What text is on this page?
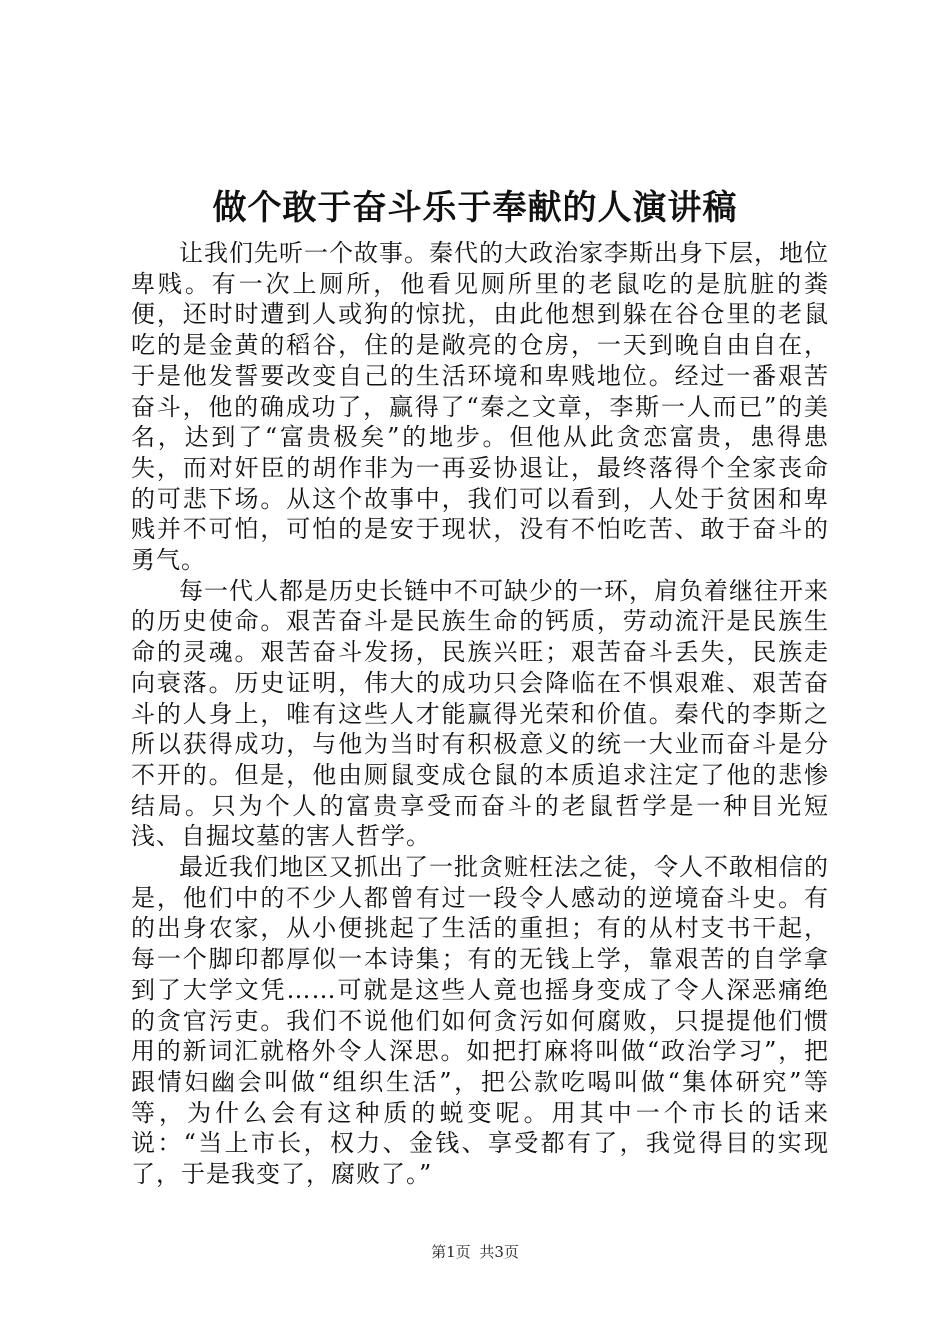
做个敢于奋斗乐于奉献的人演讲稿

让我们先听一个故事。秦代的大政治家李斯出身下层，地位卑贱。有一次上厕所，他看见厕所里的老鼠吃的是肮脏的粪便，还时时遭到人或狗的惊扰，由此他想到躲在谷仓里的老鼠吃的是金黄的稻谷，住的是敞亮的仓房，一天到晚自由自在，于是他发誓要改变自己的生活环境和卑贱地位。经过一番艰苦奋斗，他的确成功了，赢得了“秦之文章，李斯一人而已”的美名，达到了“富贵极矣”的地步。但他从此贪恋富贵，患得患失，而对奸臣的胡作非为一再妥协退让，最终落得个全家丧命的可悲下场。从这个故事中，我们可以看到，人处于贫困和卑贱并不可怕，可怕的是安于现状，没有不怕吃苦、敢于奋斗的勇气。

每一代人都是历史长链中不可缺少的一环，肩负着继往开来的历史使命。艰苦奋斗是民族生命的钙质，劳动流汗是民族生命的灵魂。艰苦奋斗发扬，民族兴旺；艰苦奋斗丢失，民族走向衰落。历史证明，伟大的成功只会降临在不惧艰难、艰苦奋斗的人身上，唯有这些人才能赢得光荣和价值。秦代的李斯之所以获得成功，与他为当时有积极意义的统一大业而奋斗是分不开的。但是，他由厕鼠变成仓鼠的本质追求注定了他的悲惨结局。只为个人的富贵享受而奋斗的老鼠哲学是一种目光短浅、自掘坟墓的害人哲学。

最近我们地区又抓出了一批贪赃枉法之徒，令人不敢相信的是，他们中的不少人都曾有过一段令人感动的逆境奋斗史。有的出身农家，从小便挑起了生活的重担；有的从村支书干起，每一个脚印都厚似一本诗集；有的无钱上学，靠艰苦的自学拿到了大学文凭……可就是这些人竟也摇身变成了令人深恶痛绝的贪官污吏。我们不说他们如何贪污如何腐败，只提提他们惯用的新词汇就格外令人深思。如把打麻将叫做“政治学习”，把跟情妇幽会叫做“组织生活”，把公款吃喝叫做“集体研究”等等，为什么会有这种质的蜕变呢。用其中一个市长的话来说：“当上市长，权力、金钱、享受都有了，我觉得目的实现了，于是我变了，腐败了。”

第1页 共3页
